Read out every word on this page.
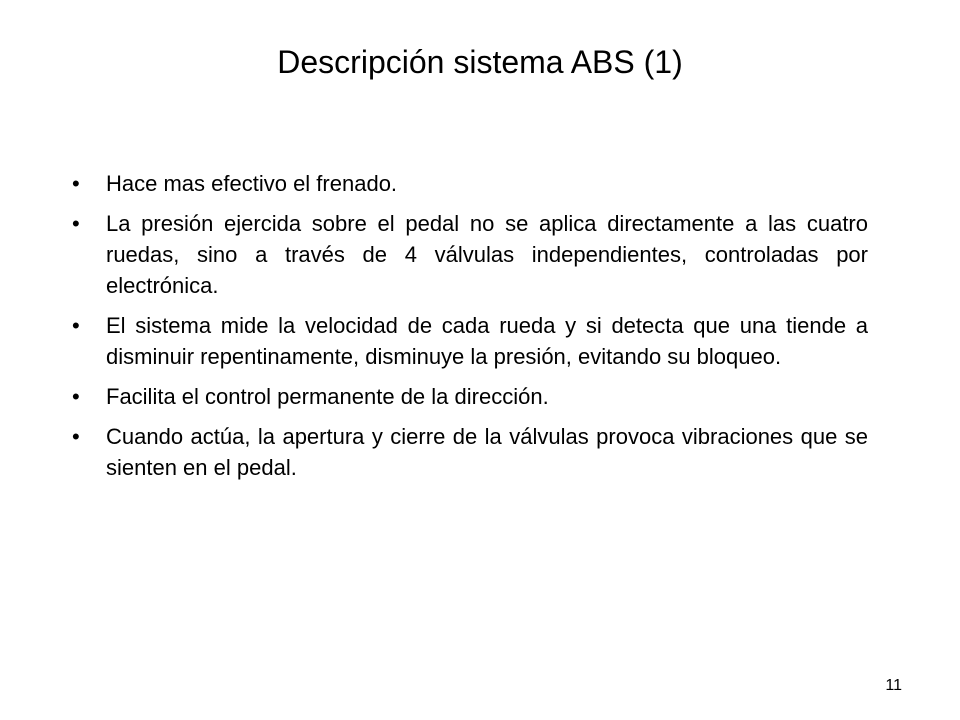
Descripción sistema ABS (1)
•	Hace mas efectivo el frenado.
•	La presión ejercida sobre el pedal no se aplica directamente a las cuatro ruedas, sino a través de 4 válvulas independientes, controladas por electrónica.
•	El sistema mide la velocidad de cada rueda y si detecta que una tiende a disminuir repentinamente, disminuye la presión, evitando su bloqueo.
•	Facilita el control permanente de la dirección.
•	Cuando actúa, la apertura y cierre de la válvulas provoca vibraciones que se sienten en el pedal.

11
